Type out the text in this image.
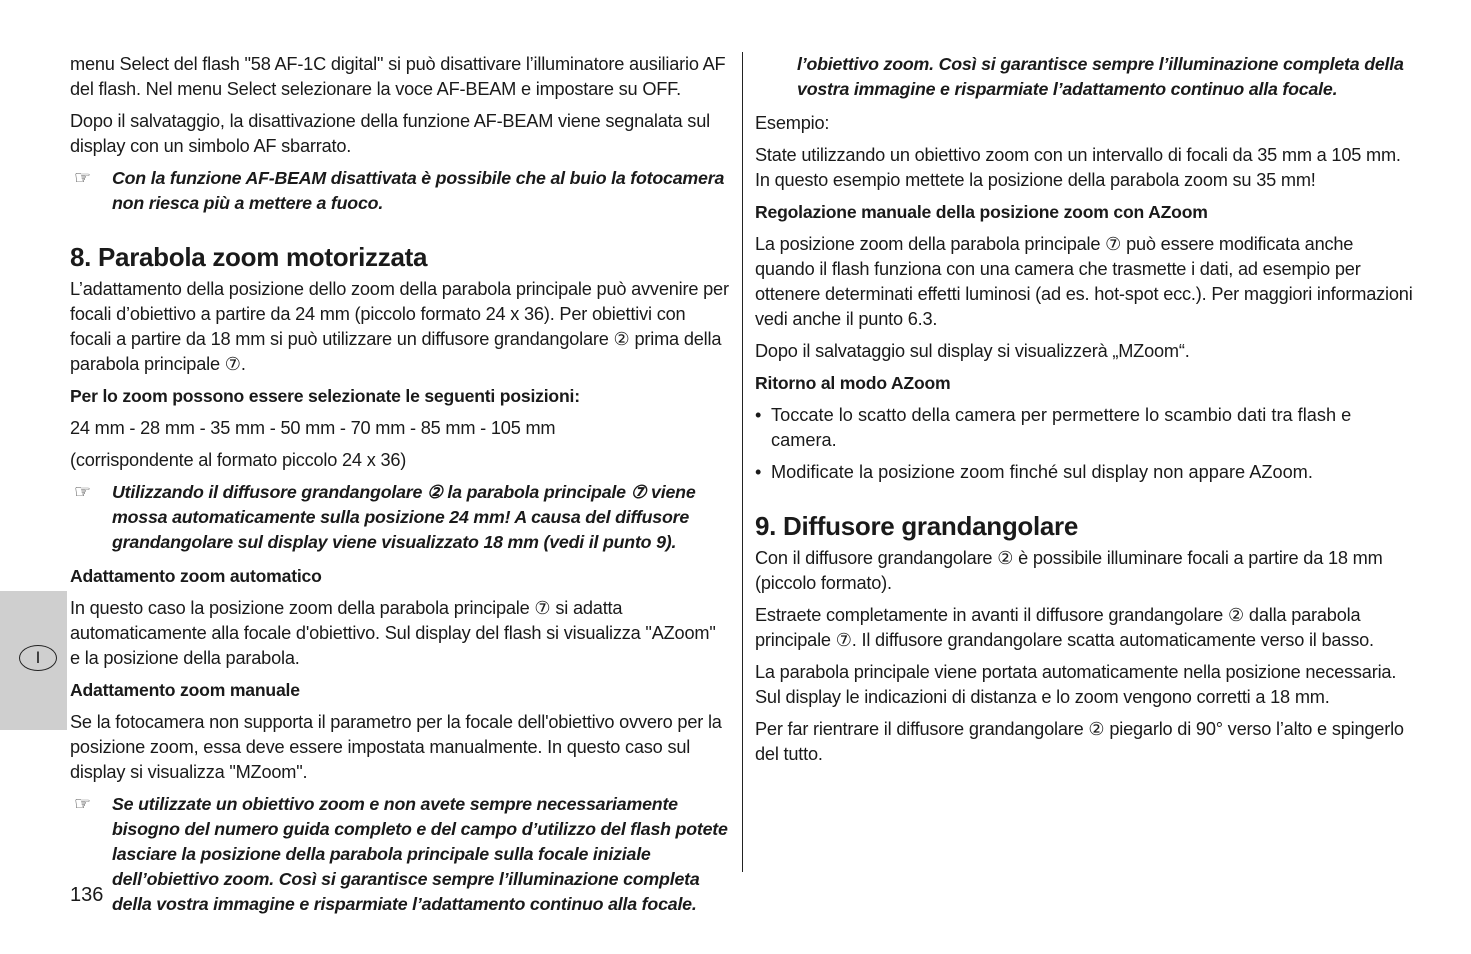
I

menu Select del flash "58 AF-1C digital" si può disattivare l’illuminatore ausiliario AF del flash. Nel menu Select selezionare la voce AF-BEAM e impostare su OFF.

Dopo il salvataggio, la disattivazione della funzione AF-BEAM viene segnalata sul display con un simbolo AF sbarrato.

☞ Con la funzione AF-BEAM disattivata è possibile che al buio la fotocamera non riesca più a mettere a fuoco.
8. Parabola zoom motorizzata

L’adattamento della posizione dello zoom della parabola principale può avvenire per focali d’obiettivo a partire da 24 mm (piccolo formato 24 x 36). Per obiettivi con focali a partire da 18 mm si può utilizzare un diffusore grandangolare ② prima della parabola principale ⑦.

Per lo zoom possono essere selezionate le seguenti posizioni:

24 mm - 28 mm - 35 mm - 50 mm - 70 mm - 85 mm - 105 mm

(corrispondente al formato piccolo 24 x 36)

☞ Utilizzando il diffusore grandangolare ② la parabola principale ⑦ viene mossa automaticamente sulla posizione 24 mm! A causa del diffusore grandangolare sul display viene visualizzato 18 mm (vedi il punto 9).

Adattamento zoom automatico

In questo caso la posizione zoom della parabola principale ⑦ si adatta automaticamente alla focale d'obiettivo. Sul display del flash si visualizza "AZoom" e la posizione della parabola.

Adattamento zoom manuale

Se la fotocamera non supporta il parametro per la focale dell'obiettivo ovvero per la posizione zoom, essa deve essere impostata manualmente. In questo caso sul display si visualizza "MZoom".

☞ Se utilizzate un obiettivo zoom e non avete sempre necessariamente bisogno del numero guida completo e del campo d’utilizzo del flash potete lasciare la posizione della parabola principale sulla focale iniziale dell’obiettivo zoom. Così si garantisce sempre l’illuminazione completa della vostra immagine e risparmiate l’adattamento continuo alla focale.
l’obiettivo zoom. Così si garantisce sempre l’illuminazione completa della vostra immagine e risparmiate l’adattamento continuo alla focale.

Esempio:

State utilizzando un obiettivo zoom con un intervallo di focali da 35 mm a 105 mm. In questo esempio mettete la posizione della parabola zoom su 35 mm!

Regolazione manuale della posizione zoom con AZoom

La posizione zoom della parabola principale ⑦ può essere modificata anche quando il flash funziona con una camera che trasmette i dati, ad esempio per ottenere determinati effetti luminosi (ad es. hot-spot ecc.). Per maggiori informazioni vedi anche il punto 6.3.

Dopo il salvataggio sul display si visualizzerà „MZoom“.

Ritorno al modo AZoom

• Toccate lo scatto della camera per permettere lo scambio dati tra flash e camera.
• Modificate la posizione zoom finché sul display non appare AZoom.
9. Diffusore grandangolare

Con il diffusore grandangolare ② è possibile illuminare focali a partire da 18 mm (piccolo formato).

Estraete completamente in avanti il diffusore grandangolare ② dalla parabola principale ⑦. Il diffusore grandangolare scatta automaticamente verso il basso.

La parabola principale viene portata automaticamente nella posizione necessaria. Sul display le indicazioni di distanza e lo zoom vengono corretti a 18 mm.

Per far rientrare il diffusore grandangolare ② piegarlo di 90° verso l’alto e spingerlo del tutto.

136
